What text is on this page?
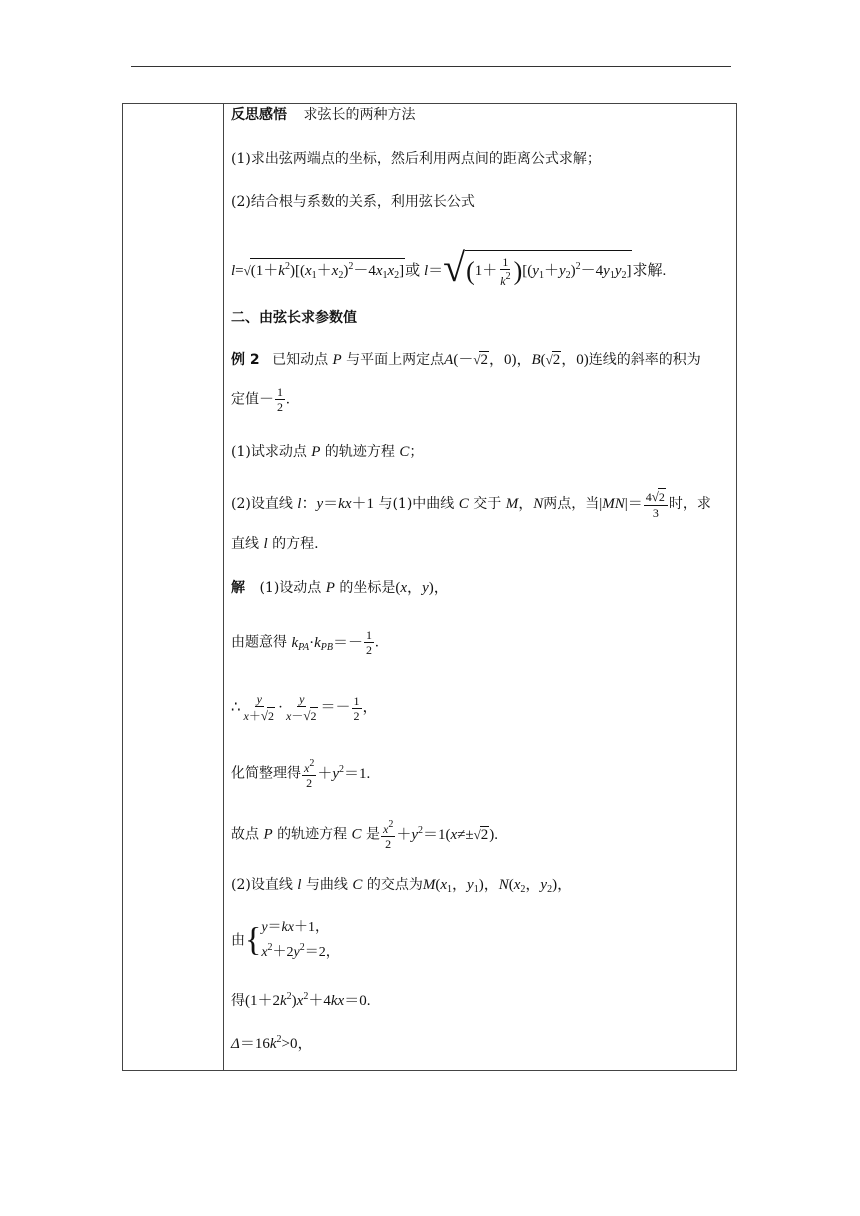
反思感悟 求弦长的两种方法
(1)求出弦两端点的坐标，然后利用两点间的距离公式求解；
(2)结合根与系数的关系，利用弦长公式
$l=√(1+k^2)[(x_1+x_2)^2-4x_1x_2]$或 $l=√(1+ \frac{1}{k^2} )[(y_1+y_2)^2-4y_1y_2]$求解.
二、由弦长求参数值
例 2 已知动点 P 与平面上两定点A(－√2，0)，B(√2，0)连线的斜率的积为
定值－ $\frac{1}{2}$ .
(1)试求动点 P 的轨迹方程 C；
(2)设直线 l：y＝kx＋1 与(1)中曲线 C 交于 M，N两点，当$|MN|= \frac{4√2}{3}$ 时，求
直线 l 的方程.
解 (1)设动点 P 的坐标是(x，y)，
由题意得 $k_{PA}\cdot k_{PB}=- \frac{1}{2}$ .
∴ $\frac{y}{x+√2} \cdot \frac{y}{x-√2} =- \frac{1}{2}$ ，
化简整理得 $\frac{x^2}{2} +y^2=1$.
故点 P 的轨迹方程 C 是 $\frac{x^2}{2} +y^2=1(x\ne\pm√2)$.
(2)设直线 l 与曲线 C 的交点为$M(x_1$，$y_1$)，$N(x_2$，$y_2$)，
由{ y＝kx＋1，
$x^2+2y^2=2$，
得$(1+2k^2)x^2+4kx=0$.
$\Delta=16k^2>0$，
